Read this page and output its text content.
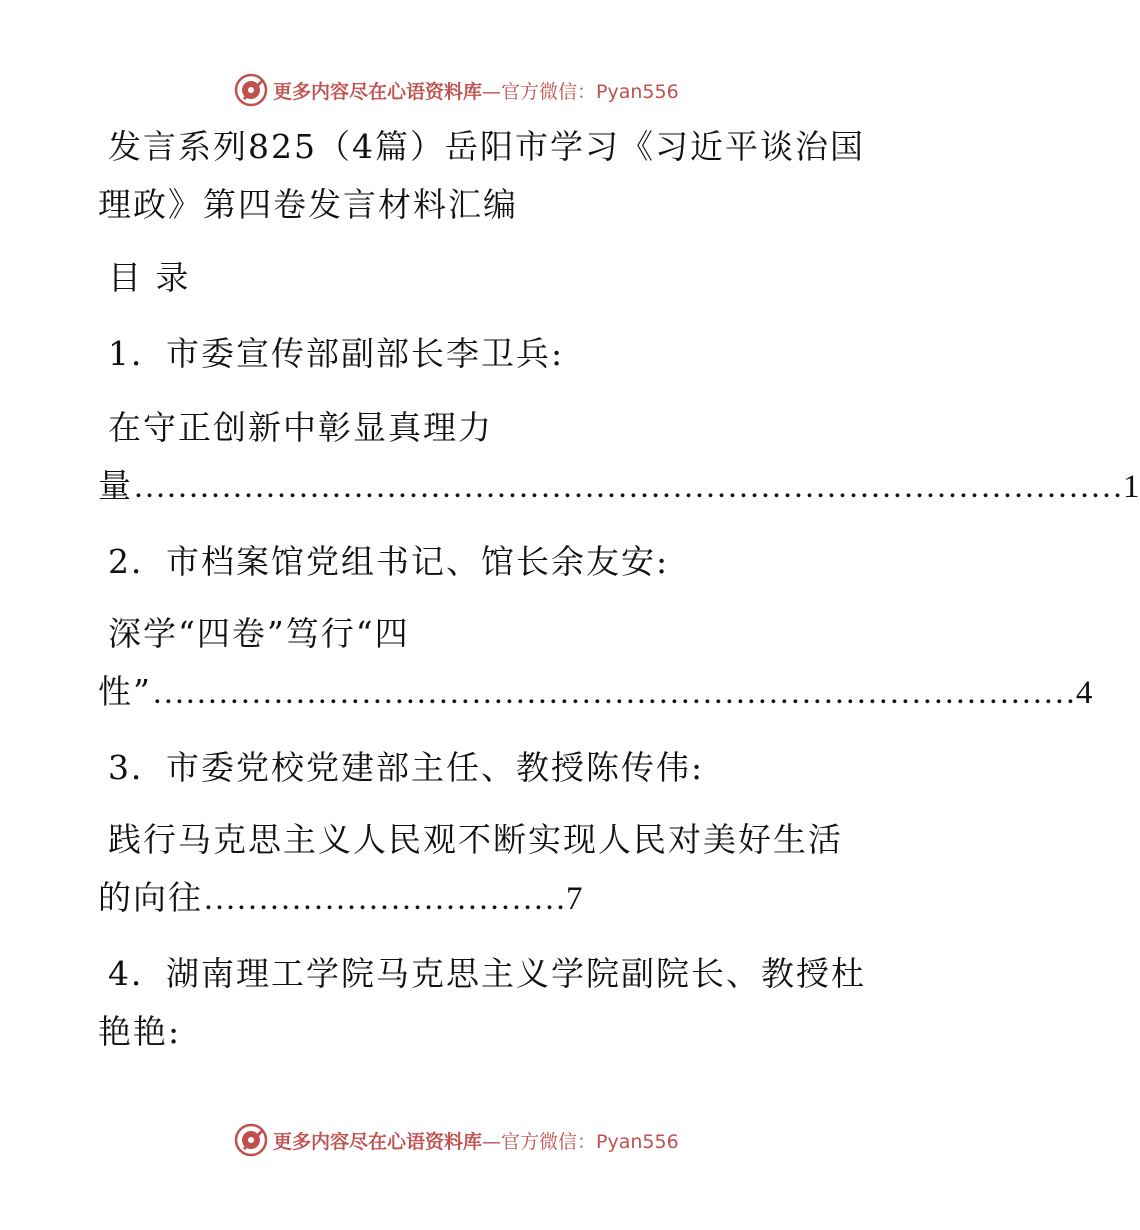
更多内容尽在心语资料库—官方微信：Pyan556
发言系列825（4篇）岳阳市学习《习近平谈治国
理政》第四卷发言材料汇编
目 录
1．市委宣传部副部长李卫兵:
在守正创新中彰显真理力
量 ……………………………………………………………………………… 1
2．市档案馆党组书记、馆长余友安:
深学“四卷”笃行“四
性” ………………………………………………………………………… 4
3．市委党校党建部主任、教授陈传伟:
践行马克思主义人民观不断实现人民对美好生活
的向往 …………………………… 7
4．湖南理工学院马克思主义学院副院长、教授杜
艳艳:
更多内容尽在心语资料库—官方微信：Pyan556
